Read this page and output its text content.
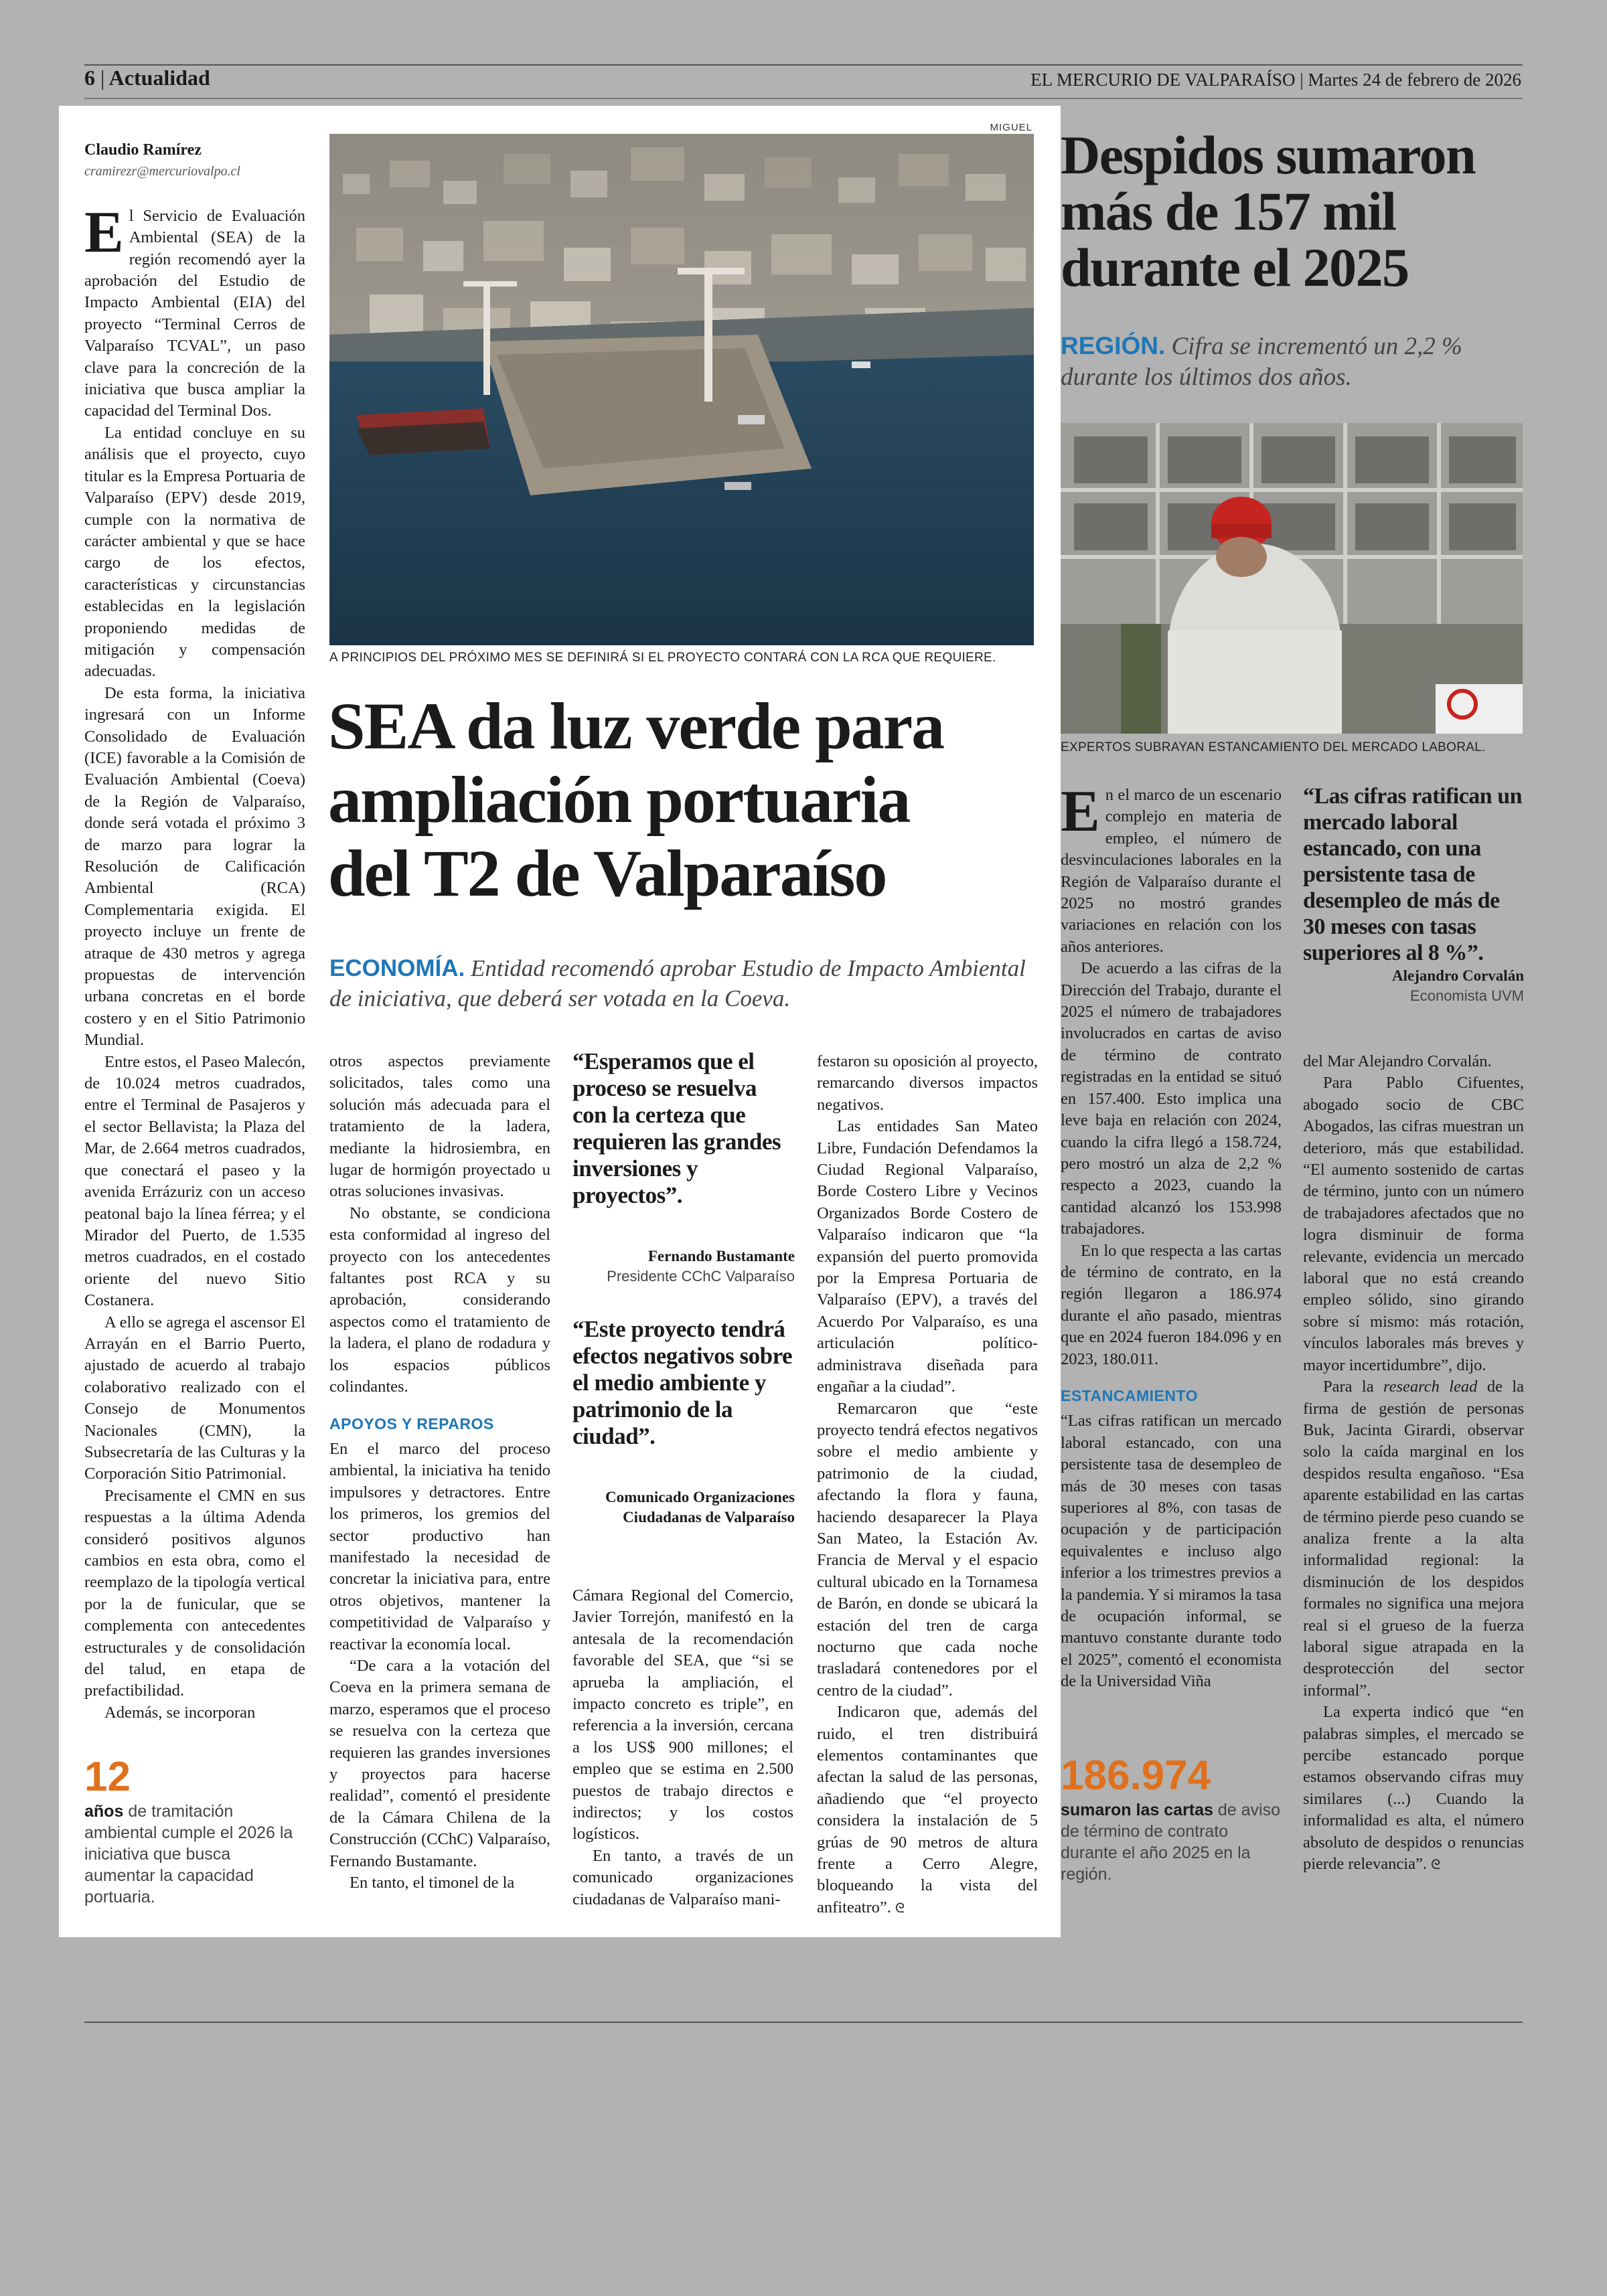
6 | Actualidad	EL MERCURIO DE VALPARAÍSO | Martes 24 de febrero de 2026
MIGUEL
A PRINCIPIOS DEL PRÓXIMO MES SE DEFINIRÁ SI EL PROYECTO CONTARÁ CON LA RCA QUE REQUIERE.
SEA da luz verde para
ampliación portuaria
del T2 de Valparaíso
ECONOMÍA. Entidad recomendó aprobar Estudio de Impacto Ambiental de iniciativa, que deberá ser votada en la Coeva.
Claudio Ramírez
cramirezr@mercuriovalpo.cl

El Servicio de Evaluación Ambiental (SEA) de la región recomendó ayer la aprobación del Estudio de Impacto Ambiental (EIA) del proyecto “Terminal Cerros de Valparaíso TCVAL”, un paso clave para la concreción de la iniciativa que busca ampliar la capacidad del Terminal Dos.

La entidad concluye en su análisis que el proyecto, cuyo titular es la Empresa Portuaria de Valparaíso (EPV) desde 2019, cumple con la normativa de carácter ambiental y que se hace cargo de los efectos, características y circunstancias establecidas en la legislación proponiendo medidas de mitigación y compensación adecuadas.

De esta forma, la iniciativa ingresará con un Informe Consolidado de Evaluación (ICE) favorable a la Comisión de Evaluación Ambiental (Coeva) de la Región de Valparaíso, donde será votada el próximo 3 de marzo para lograr la Resolución de Calificación Ambiental (RCA) Complementaria exigida. El proyecto incluye un frente de atraque de 430 metros y agrega propuestas de intervención urbana concretas en el borde costero y en el Sitio Patrimonio Mundial.

Entre estos, el Paseo Malecón, de 10.024 metros cuadrados, entre el Terminal de Pasajeros y el sector Bellavista; la Plaza del Mar, de 2.664 metros cuadrados, que conectará el paseo y la avenida Errázuriz con un acceso peatonal bajo la línea férrea; y el Mirador del Puerto, de 1.535 metros cuadrados, en el costado oriente del nuevo Sitio Costanera.

A ello se agrega el ascensor El Arrayán en el Barrio Puerto, ajustado de acuerdo al trabajo colaborativo realizado con el Consejo de Monumentos Nacionales (CMN), la Subsecretaría de las Culturas y la Corporación Sitio Patrimonial.

Precisamente el CMN en sus respuestas a la última Adenda consideró positivos algunos cambios en esta obra, como el reemplazo de la tipología vertical por la de funicular, que se complementa con antecedentes estructurales y de consolidación del talud, en etapa de prefactibilidad.

Además, se incorporan

12
años de tramitación ambiental cumple el 2026 la iniciativa que busca aumentar la capacidad portuaria.

otros aspectos previamente solicitados, tales como una solución más adecuada para el tratamiento de la ladera, mediante la hidrosiembra, en lugar de hormigón proyectado u otras soluciones invasivas.

No obstante, se condiciona esta conformidad al ingreso del proyecto con los antecedentes faltantes post RCA y su aprobación, considerando aspectos como el tratamiento de la ladera, el plano de rodadura y los espacios públicos colindantes.

APOYOS Y REPAROS

En el marco del proceso ambiental, la iniciativa ha tenido impulsores y detractores. Entre los primeros, los gremios del sector productivo han manifestado la necesidad de concretar la iniciativa para, entre otros objetivos, mantener la competitividad de Valparaíso y reactivar la economía local.

“De cara a la votación del Coeva en la primera semana de marzo, esperamos que el proceso se resuelva con la certeza que requieren las grandes inversiones y proyectos para hacerse realidad”, comentó el presidente de la Cámara Chilena de la Construcción (CChC) Valparaíso, Fernando Bustamante.

En tanto, el timonel de la

“Esperamos que el proceso se resuelva con la certeza que requieren las grandes inversiones y proyectos”.
Fernando Bustamante
Presidente CChC Valparaíso
“Este proyecto tendrá efectos negativos sobre el medio ambiente y patrimonio de la ciudad”.
Comunicado Organizaciones
Ciudadanas de Valparaíso

Cámara Regional del Comercio, Javier Torrejón, manifestó en la antesala de la recomendación favorable del SEA, que “si se aprueba la ampliación, el impacto concreto es triple”, en referencia a la inversión, cercana a los US$ 900 millones; el empleo que se estima en 2.500 puestos de trabajo directos e indirectos; y los costos logísticos.

En tanto, a través de un comunicado organizaciones ciudadanas de Valparaíso mani-

festaron su oposición al proyecto, remarcando diversos impactos negativos.

Las entidades San Mateo Libre, Fundación Defendamos la Ciudad Regional Valparaíso, Borde Costero Libre y Vecinos Organizados Borde Costero de Valparaíso indicaron que “la expansión del puerto promovida por la Empresa Portuaria de Valparaíso (EPV), a través del Acuerdo Por Valparaíso, es una articulación político-administrava diseñada para engañar a la ciudad”.

Remarcaron que “este proyecto tendrá efectos negativos sobre el medio ambiente y patrimonio de la ciudad, afectando la flora y fauna, haciendo desaparecer la Playa San Mateo, la Estación Av. Francia de Merval y el espacio cultural ubicado en la Tornamesa de Barón, en donde se ubicará la estación del tren de carga nocturno que cada noche trasladará contenedores por el centro de la ciudad”.

Indicaron que, además del ruido, el tren distribuirá elementos contaminantes que afectan la salud de las personas, añadiendo que “el proyecto considera la instalación de 5 grúas de 90 metros de altura frente a Cerro Alegre, bloqueando la vista del anfiteatro”. ᘓ

Despidos sumaron
más de 157 mil
durante el 2025
REGIÓN. Cifra se incrementó un 2,2 % durante los últimos dos años.
EXPERTOS SUBRAYAN ESTANCAMIENTO DEL MERCADO LABORAL.

En el marco de un escenario complejo en materia de empleo, el número de desvinculaciones laborales en la Región de Valparaíso durante el 2025 no mostró grandes variaciones en relación con los años anteriores.

De acuerdo a las cifras de la Dirección del Trabajo, durante el 2025 el número de trabajadores involucrados en cartas de aviso de término de contrato registradas en la entidad se situó en 157.400. Esto implica una leve baja en relación con 2024, cuando la cifra llegó a 158.724, pero mostró un alza de 2,2 % respecto a 2023, cuando la cantidad alcanzó los 153.998 trabajadores.

En lo que respecta a las cartas de término de contrato, en la región llegaron a 186.974 durante el año pasado, mientras que en 2024 fueron 184.096 y en 2023, 180.011.

ESTANCAMIENTO

“Las cifras ratifican un mercado laboral estancado, con una persistente tasa de desempleo de más de 30 meses con tasas superiores al 8%, con tasas de ocupación y de participación equivalentes e incluso algo inferior a los trimestres previos a la pandemia. Y si miramos la tasa de ocupación informal, se mantuvo constante durante todo el 2025”, comentó el economista de la Universidad Viña

186.974
sumaron las cartas de aviso de término de contrato durante el año 2025 en la región.
“Las cifras ratifican un mercado laboral estancado, con una persistente tasa de desempleo de más de 30 meses con tasas superiores al 8 %”.
Alejandro Corvalán
Economista UVM

del Mar Alejandro Corvalán.

Para Pablo Cifuentes, abogado socio de CBC Abogados, las cifras muestran un deterioro, más que estabilidad. “El aumento sostenido de cartas de término, junto con un número de trabajadores afectados que no logra disminuir de forma relevante, evidencia un mercado laboral que no está creando empleo sólido, sino girando sobre sí mismo: más rotación, vínculos laborales más breves y mayor incertidumbre”, dijo.

Para la research lead de la firma de gestión de personas Buk, Jacinta Girardi, observar solo la caída marginal en los despidos resulta engañoso. “Esa aparente estabilidad en las cartas de término pierde peso cuando se analiza frente a la alta informalidad regional: la disminución de los despidos formales no significa una mejora real si el grueso de la fuerza laboral sigue atrapada en la desprotección del sector informal”.

La experta indicó que “en palabras simples, el mercado se percibe estancado porque estamos observando cifras muy similares (...) Cuando la informalidad es alta, el número absoluto de despidos o renuncias pierde relevancia”. ᘓ
